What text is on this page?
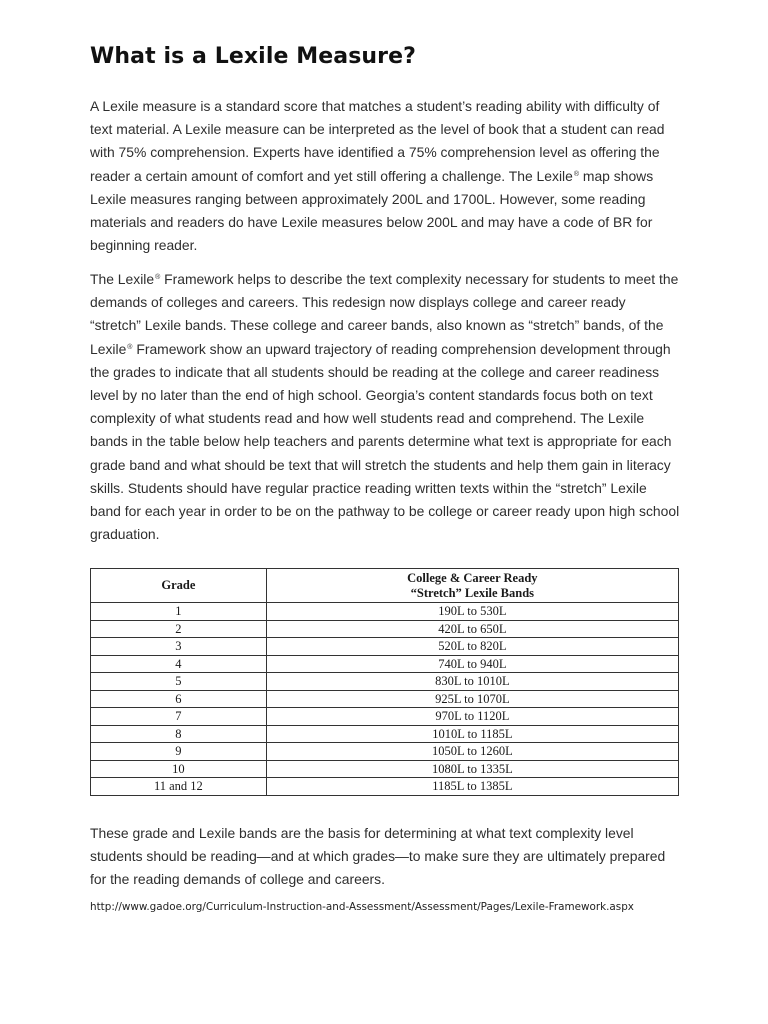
What is a Lexile Measure?

A Lexile measure is a standard score that matches a student’s reading ability with difficulty of text material. A Lexile measure can be interpreted as the level of book that a student can read with 75% comprehension. Experts have identified a 75% comprehension level as offering the reader a certain amount of comfort and yet still offering a challenge. The Lexile® map shows Lexile measures ranging between approximately 200L and 1700L. However, some reading materials and readers do have Lexile measures below 200L and may have a code of BR for beginning reader.

The Lexile® Framework helps to describe the text complexity necessary for students to meet the demands of colleges and careers. This redesign now displays college and career ready “stretch” Lexile bands. These college and career bands, also known as “stretch” bands, of the Lexile® Framework show an upward trajectory of reading comprehension development through the grades to indicate that all students should be reading at the college and career readiness level by no later than the end of high school. Georgia’s content standards focus both on text complexity of what students read and how well students read and comprehend. The Lexile bands in the table below help teachers and parents determine what text is appropriate for each grade band and what should be text that will stretch the students and help them gain in literacy skills. Students should have regular practice reading written texts within the “stretch” Lexile band for each year in order to be on the pathway to be college or career ready upon high school graduation.

Grade	College & Career Ready
“Stretch” Lexile Bands
1	190L to 530L
2	420L to 650L
3	520L to 820L
4	740L to 940L
5	830L to 1010L
6	925L to 1070L
7	970L to 1120L
8	1010L to 1185L
9	1050L to 1260L
10	1080L to 1335L
11 and 12	1185L to 1385L

These grade and Lexile bands are the basis for determining at what text complexity level students should be reading—and at which grades—to make sure they are ultimately prepared for the reading demands of college and careers.

http://www.gadoe.org/Curriculum-Instruction-and-Assessment/Assessment/Pages/Lexile-Framework.aspx
